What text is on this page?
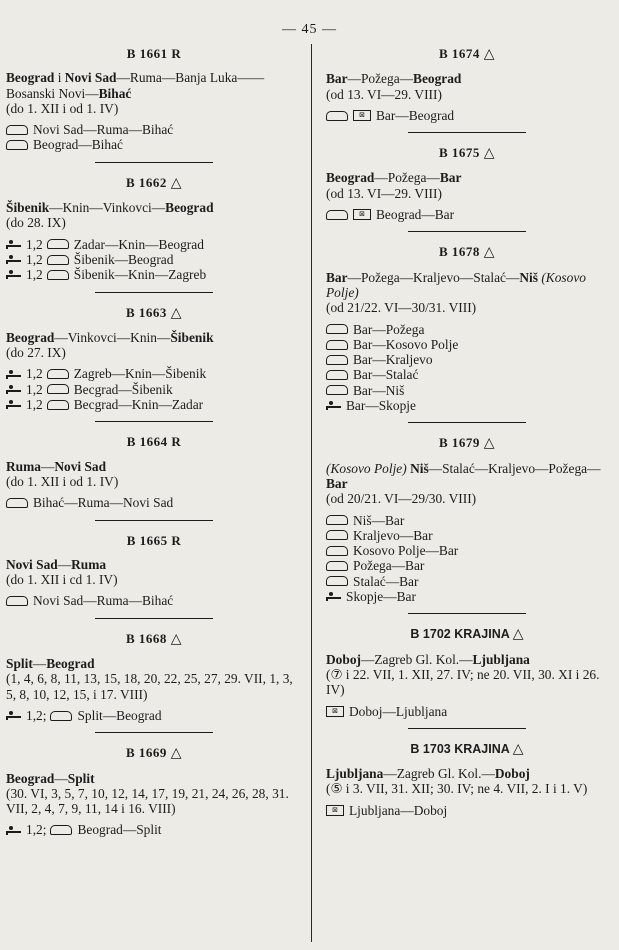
— 45 —
B 1661 R
Beograd i Novi Sad—Ruma—Banja Luka——Bosanski Novi—Bihać
(do 1. XII i od 1. IV)
Novi Sad—Ruma—Bihać
Beograd—Bihać
B 1662 △
Šibenik—Knin—Vinkovci—Beograd
(do 28. IX)
1,2 Zadar—Knin—Beograd
1,2 Šibenik—Beograd
1,2 Šibenik—Knin—Zagreb
B 1663 △
Beograd—Vinkovci—Knin—Šibenik
(do 27. IX)
1,2 Zagreb—Knin—Šibenik
1,2 Becgrad—Šibenik
1,2 Becgrad—Knin—Zadar
B 1664 R
Ruma—Novi Sad
(do 1. XII i od 1. IV)
Bihać—Ruma—Novi Sad
B 1665 R
Novi Sad—Ruma
(do 1. XII i cd 1. IV)
Novi Sad—Ruma—Bihać
B 1668 △
Split—Beograd
(1, 4, 6, 8, 11, 13, 15, 18, 20, 22, 25, 27, 29. VII, 1, 3, 5, 8, 10, 12, 15, i 17. VIII)
1,2; Split—Beograd
B 1669 △
Beograd—Split
(30. VI, 3, 5, 7, 10, 12, 14, 17, 19, 21, 24, 26, 28, 31. VII, 2, 4, 7, 9, 11, 14 i 16. VIII)
1,2; Beograd—Split
B 1674 △
Bar—Požega—Beograd
(od 13. VI—29. VIII)
⊠ Bar—Beograd
B 1675 △
Beograd—Požega—Bar
(od 13. VI—29. VIII)
⊠ Beograd—Bar
B 1678 △
Bar—Požega—Kraljevo—Stalać—Niš (Kosovo Polje)
(od 21/22. VI—30/31. VIII)
Bar—Požega
Bar—Kosovo Polje
Bar—Kraljevo
Bar—Stalać
Bar—Niš
Bar—Skopje
B 1679 △
(Kosovo Polje) Niš—Stalać—Kraljevo—Požega—Bar
(od 20/21. VI—29/30. VIII)
Niš—Bar
Kraljevo—Bar
Kosovo Polje—Bar
Požega—Bar
Stalać—Bar
Skopje—Bar
B 1702 KRAJINA △
Doboj—Zagreb Gl. Kol.—Ljubljana
(⑦ i 22. VII, 1. XII, 27. IV; ne 20. VII, 30. XI i 26. IV)
⊠ Doboj—Ljubljana
B 1703 KRAJINA △
Ljubljana—Zagreb Gl. Kol.—Doboj
(⑤ i 3. VII, 31. XII; 30. IV; ne 4. VII, 2. I i 1. V)
⊠ Ljubljana—Doboj
